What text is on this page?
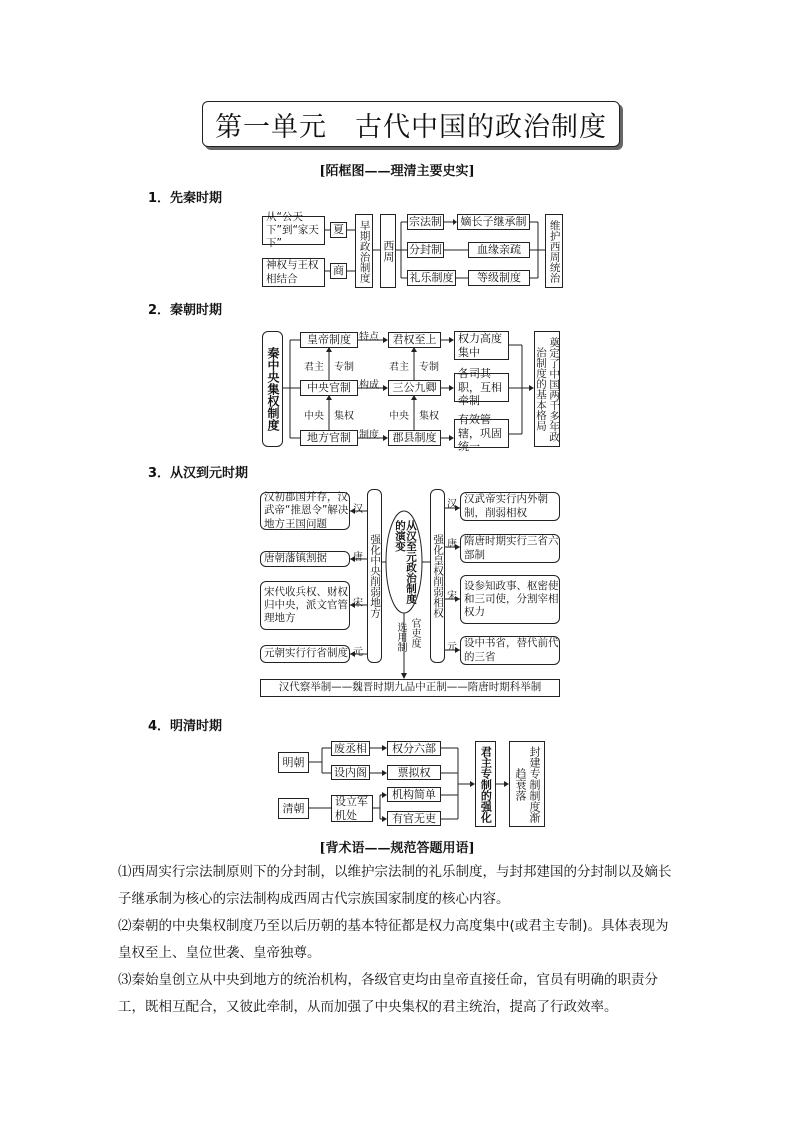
第一单元　古代中国的政治制度
[陌框图——理清主要史实]
1．先秦时期
从“公天下”到“家天下”
夏
神权与王权相结合
商	早期政治制度 西周
宗法制	嫡长子继承制
分封制	血缘亲疏
礼乐制度	等级制度	维护西周统治
2．秦朝时期
秦中央集权制度
皇帝制度
中央官制
地方官制
特点
构成
制度
君主　专制	君主　专制
中央　集权	中央　集权
君权至上
三公九卿
郡县制度
权力高度集中
各司其职，互相牵制
有效管辖，巩固统一
奠定了中国两千多年政治制度的基本格局
3．从汉到元时期
汉初郡国并存，汉武帝“推恩令”解决地方王国问题
唐朝藩镇割据
宋代收兵权、财权归中央，派文官管理地方
元朝实行行省制度
汉
唐
宋
元
强化中央削弱地方	从汉至元政治制度的演变
选用制 官吏度
强化皇权削弱相权
汉
唐
宋
元
汉武帝实行内外朝制，削弱相权
隋唐时期实行三省六部制
设参知政事、枢密使和三司使，分割宰相权力
设中书省，替代前代的三省
汉代察举制——魏晋时期九品中正制——隋唐时期科举制
4．明清时期
明朝
清朝
废丞相
设内阁
设立军机处
权分六部
票拟权
机构简单
有官无吏	君主专制的强化	封建专制制度渐趋衰落
[背术语——规范答题用语]

⑴西周实行宗法制原则下的分封制，以维护宗法制的礼乐制度，与封邦建国的分封制以及嫡长子继承制为核心的宗法制构成西周古代宗族国家制度的核心内容。

⑵秦朝的中央集权制度乃至以后历朝的基本特征都是权力高度集中(或君主专制)。具体表现为皇权至上、皇位世袭、皇帝独尊。

⑶秦始皇创立从中央到地方的统治机构，各级官吏均由皇帝直接任命，官员有明确的职责分工，既相互配合，又彼此牵制，从而加强了中央集权的君主统治，提高了行政效率。
